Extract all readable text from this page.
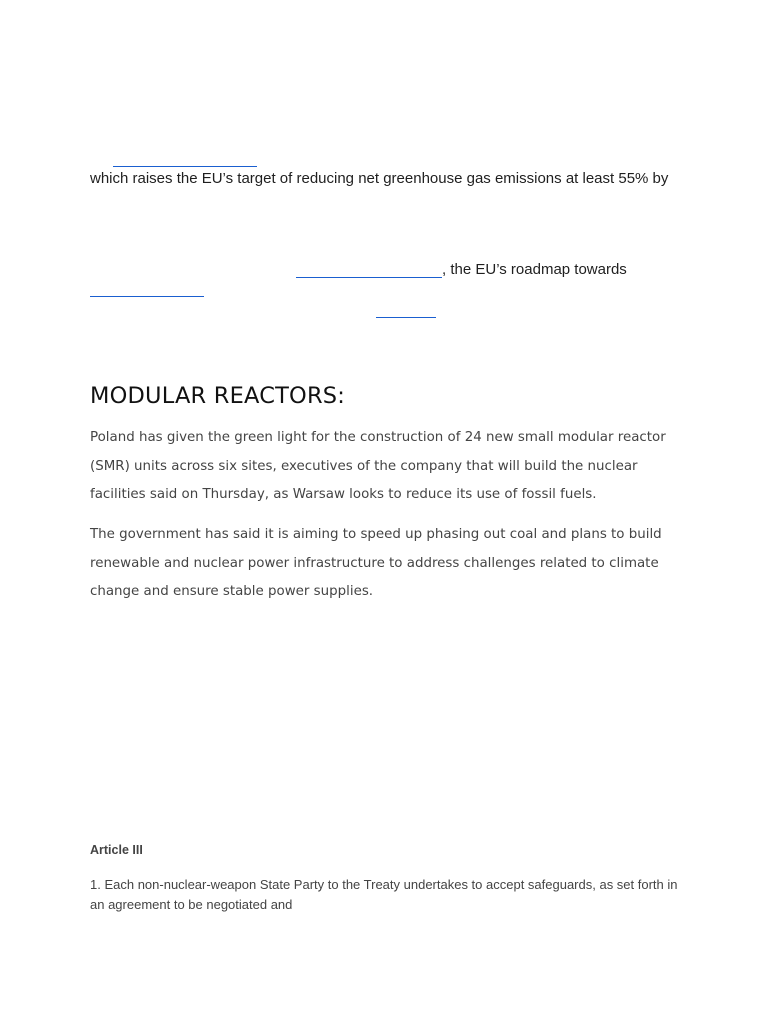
which raises the EU’s target of reducing net greenhouse gas emissions at least 55% by
, the EU’s roadmap towards
MODULAR REACTORS:

Poland has given the green light for the construction of 24 new small modular reactor (SMR) units across six sites, executives of the company that will build the nuclear facilities said on Thursday, as Warsaw looks to reduce its use of fossil fuels.

The government has said it is aiming to speed up phasing out coal and plans to build renewable and nuclear power infrastructure to address challenges related to climate change and ensure stable power supplies.

Article III

1. Each non-nuclear-weapon State Party to the Treaty undertakes to accept safeguards, as set forth in an agreement to be negotiated and
